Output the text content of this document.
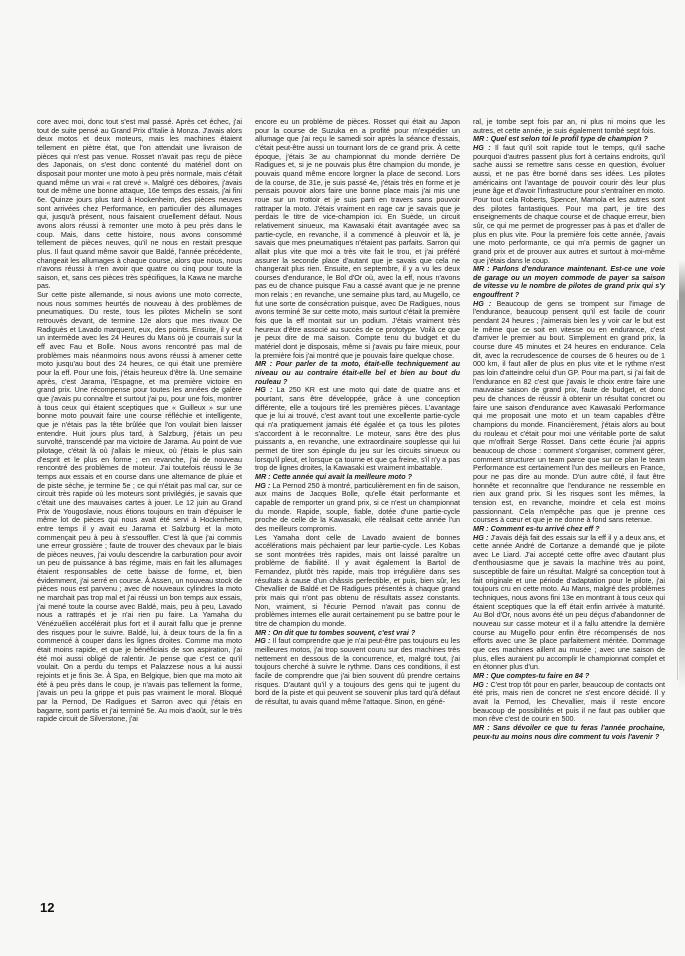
core avec moi, donc tout s'est mal passé. Après cet échec, j'ai tout de suite pensé au Grand Prix d'Italie à Monza. J'avais alors deux motos et deux moteurs, mais les machines étaient tellement en piètre état, que l'on attendait une livraison de pièces qui n'est pas venue. Rosset n'avait pas reçu de pièce des Japonais, on s'est donc contenté du matériel dont on disposait pour monter une moto à peu près normale, mais c'était quand même un vrai « rat crevé ». Malgré ces déboires, j'avais tout de même une bonne attaque, 16e temps des essais, j'ai fini 6e. Quinze jours plus tard à Hockenheim, des pièces neuves sont arrivées chez Performance, en particulier des allumages qui, jusqu'à présent, nous faisaient cruellement défaut. Nous avons alors réussi à remonter une moto à peu près dans le coup. Mais, dans cette histoire, nous avons consommé tellement de pièces neuves, qu'il ne nous en restait presque plus. Il faut quand même savoir que Baldé, l'année précédente, changeait les allumages à chaque course, alors que nous, nous n'avons réussi à n'en avoir que quatre ou cinq pour toute la saison, et, sans ces pièces très spécifiques, la Kawa ne marche pas.

Sur cette piste allemande, si nous avions une moto correcte, nous nous sommes heurtés de nouveau à des problèmes de pneumatiques. Du reste, tous les pilotes Michelin se sont retrouvés devant, de termine 12e alors que mes rivaux De Radiguès et Lavado marquent, eux, des points. Ensuite, il y eut un intermède avec les 24 Heures du Mans où je courrais sur la eff avec Fau et Bolle. Nous avons rencontré pas mal de problèmes mais néanmoins nous avons réussi à amener cette moto jusqu'au bout des 24 heures, ce qui était une première pour la eff. Pour une fois, j'étais heureux d'être là. Une semaine après, c'est Jarama, l'Espagne, et ma première victoire en grand prix. Une récompense pour toutes les années de galère que j'avais pu connaître et surtout j'ai pu, pour une fois, montrer à tous ceux qui étaient sceptiques que « Guilleux » sur une bonne moto pouvait faire une course réfléchie et intelligente, que je n'étais pas la tête brûlée que l'on voulait bien laisser entendre. Huit jours plus tard, à Salzburg, j'étais un peu survolté, transcendé par ma victoire de Jarama. Au point de vue pilotage, c'était là où j'allais le mieux, où j'étais le plus sain d'esprit et le plus en forme ; en revanche, j'ai de nouveau rencontré des problèmes de moteur. J'ai toutefois réussi le 3e temps aux essais et en course dans une alternance de pluie et de piste sèche, je termine 5e ; ce qui n'était pas mal car, sur ce circuit très rapide où les moteurs sont privilégiés, je savais que c'était une des mauvaises cartes à jouer. Le 12 juin au Grand Prix de Yougoslavie, nous étions toujours en train d'épuiser le même lot de pièces qui nous avait été servi à Hockenheim, entre temps il y avait eu Jarama et Salzburg et la moto commençait peu à peu à s'essouffler. C'est là que j'ai commis une erreur grossière ; faute de trouver des chevaux par le biais de pièces neuves, j'ai voulu descendre la carburation pour avoir un peu de puissance à bas régime, mais en fait les allumages étaient responsables de cette baisse de forme, et, bien évidemment, j'ai serré en course. À Assen, un nouveau stock de pièces nous est parvenu ; avec de nouveaux cylindres la moto ne marchait pas trop mal et j'ai réussi un bon temps aux essais, j'ai mené toute la course avec Baldé, mais, peu à peu, Lavado nous a rattrapés et je n'ai rien pu faire. La Yamaha du Vénézuélien accélérait plus fort et il aurait fallu que je prenne des risques pour le suivre. Baldé, lui, à deux tours de la fin a commencé à couper dans les lignes droites. Comme ma moto était moins rapide, et que je bénéficiais de son aspiration, j'ai été moi aussi obligé de ralentir. Je pense que c'est ce qu'il voulait. On a perdu du temps et Palazzese nous a lui aussi rejoints et je finis 3e. À Spa, en Belgique, bien que ma moto ait été à peu près dans le coup, je n'avais pas tellement la forme, j'avais un peu la grippe et puis pas vraiment le moral. Bloqué par la Pernod, De Radigues et Sarron avec qui j'étais en bagarre, sont partis et j'ai terminé 5e. Au mois d'août, sur le très rapide circuit de Silverstone, j'ai

encore eu un problème de pièces. Rosset qui était au Japon pour la course de Suzuka en a profité pour m'expédier un allumage que j'ai reçu le samedi soir après la séance d'essais, c'était peut-être aussi un tournant lors de ce grand prix. À cette époque, j'étais 3e au championnat du monde derrière De Radigues et, si je ne pouvais plus être champion du monde, je pouvais quand même encore lorgner la place de second. Lors de la course, de 31e, je suis passé 4e, j'étais très en forme et je pensais pouvoir alors faire une bonne place mais j'ai mis une roue sur un trottoir et je suis parti en travers sans pouvoir rattraper la moto. J'étais vraiment en rage car je savais que je perdais le titre de vice-champion ici. En Suède, un circuit relativement sinueux, ma Kawasaki était avantagée avec sa partie-cycle, en revanche, il a commencé à pleuvoir et là, je savais que mes pneumatiques n'étaient pas parfaits. Sarron qui allait plus vite que moi a très vite fait le trou, et j'ai préféré assurer la seconde place d'autant que je savais que cela ne changerait plus rien. Ensuite, en septembre, il y a vu les deux courses d'endurance, le Bol d'Or où, avec la eff, nous n'avons pas eu de chance puisque Fau a cassé avant que je ne prenne mon relais ; en revanche, une semaine plus tard, au Mugello, ce fut une sorte de consécration puisque, avec De Radigues, nous avons terminé 3e sur cette moto, mais surtout c'était la première fois que la eff montait sur un podium. J'étais vraiment très heureux d'être associé au succès de ce prototype. Voilà ce que je peux dire de ma saison. Compte tenu du budget et du matériel dont je disposais, même si j'avais pu faire mieux, pour la première fois j'ai montré que je pouvais faire quelque chose.

MR : Pour parler de ta moto, était-elle techniquement au niveau ou au contraire était-elle bel et bien au bout du rouleau ?

HG : La 250 KR est une moto qui date de quatre ans et pourtant, sans être développée, grâce à une conception différente, elle a toujours tiré les premières pièces. L'avantage que je lui ai trouvé, c'est avant tout une excellente partie-cycle qui n'a pratiquement jamais été égalée et ça tous les pilotes s'accordent à le reconnaître. Le moteur, sans être des plus puissants a, en revanche, une extraordinaire souplesse qui lui permet de tirer son épingle du jeu sur les circuits sinueux ou lorsqu'il pleut, et lorsque ça tourne et que ça freine, s'il n'y a pas trop de lignes droites, la Kawasaki est vraiment imbattable.

MR : Cette année qui avait la meilleure moto ?

HG : La Pernod 250 à montré, particulièrement en fin de saison, aux mains de Jacques Bolle, qu'elle était performante et capable de remporter un grand prix, si ce n'est un championnat du monde. Rapide, souple, fiable, dotée d'une partie-cycle proche de celle de la Kawasaki, elle réalisait cette année l'un des meilleurs compromis.

Les Yamaha dont celle de Lavado avaient de bonnes accélérations mais péchaient par leur partie-cycle. Les Kobas se sont montrées très rapides, mais ont laissé paraître un problème de fiabilité. Il y avait également la Bartol de Fernandez, plutôt très rapide, mais trop irrégulière dans ses résultats à cause d'un châssis perfectible, et puis, bien sûr, les Chevallier de Baldé et De Radigues présentés à chaque grand prix mais qui n'ont pas obtenu de résultats assez constants. Non, vraiment, si l'écurie Pernod n'avait pas connu de problèmes internes elle aurait certainement pu se battre pour le titre de champion du monde.

MR : On dit que tu tombes souvent, c'est vrai ?

HG : Il faut comprendre que je n'ai peut-être pas toujours eu les meilleures motos, j'ai trop souvent couru sur des machines très nettement en dessous de la concurrence, et, malgré tout, j'ai toujours cherché à suivre le rythme. Dans ces conditions, il est facile de comprendre que j'ai bien souvent dû prendre certains risques. D'autant qu'il y a toujours des gens qui te jugent du bord de la piste et qui peuvent se souvenir plus tard qu'à défaut de résultat, tu avais quand même l'attaque. Sinon, en géné-

ral, je tombe sept fois par an, ni plus ni moins que les autres, et cette année, je suis également tombé sept fois.

MR : Quel est selon toi le profil type de champion ?

HG : Il faut qu'il soit rapide tout le temps, qu'il sache pourquoi d'autres passent plus fort à certains endroits, qu'il sache aussi se remettre sans cesse en question, évoluer aussi, et ne pas être borné dans ses idées. Les pilotes américains ont l'avantage de pouvoir courir dès leur plus jeune âge et d'avoir l'infrastructure pour s'entraîner en moto. Pour tout cela Roberts, Spencer, Mamola et les autres sont des pilotes fantastiques. Pour ma part, je tire des enseignements de chaque course et de chaque erreur, bien sûr, ce qui me permet de progresser pas à pas et d'aller de plus en plus vite. Pour la première fois cette année, j'avais une moto performante, ce qui m'a permis de gagner un grand prix et de prouver aux autres et surtout à moi-même que j'étais dans le coup.

MR : Parlons d'endurance maintenant. Est-ce une voie de garage ou un moyen commode de payer sa saison de vitesse vu le nombre de pilotes de grand prix qui s'y engouffrent ?

HG : Beaucoup de gens se trompent sur l'image de l'endurance, beaucoup pensent qu'il est facile de courir pendant 24 heures ; j'aimerais bien les y voir car le but est le même que ce soit en vitesse ou en endurance, c'est d'arriver le premier au bout. Simplement en grand prix, la course dure 45 minutes et 24 heures en endurance. Cela dit, avec la recrudescence de courses de 6 heures ou de 1 000 km, il faut aller de plus en plus vite et le rythme n'est pas loin d'atteindre celui d'un GP. Pour ma part, si j'ai fait de l'endurance en 82 c'est que j'avais le choix entre faire une mauvaise saison de grand prix, faute de budget, et donc peu de chances de réussir à obtenir un résultat concret ou faire une saison d'endurance avec Kawasaki Performance qui me proposait une moto et un team capables d'être champions du monde. Financièrement, j'étais alors au bout du rouleau et c'était pour moi une véritable porte de salut que m'offrait Serge Rosset. Dans cette écurie j'ai appris beaucoup de chose : comment s'organiser, comment gérer, comment structurer un team parce que sur ce plan le team Performance est certainement l'un des meilleurs en France, pour ne pas dire au monde. D'un autre côté, il faut être honnête et reconnaître que l'endurance ne ressemble en rien aux grand prix. Si les risques sont les mêmes, la tension est, en revanche, moindre et cela est moins passionnant. Cela n'empêche pas que je prenne ces courses à cœur et que je ne donne à fond sans retenue.

MR : Comment es-tu arrivé chez eff ?

HG : J'avais déjà fait des essais sur la eff il y a deux ans, et cette année André de Cortanze a demandé que je pilote avec Le Liard. J'ai accepté cette offre avec d'autant plus d'enthousiasme que je savais la machine très au point, susceptible de faire un résultat. Malgré sa conception tout à fait originale et une période d'adaptation pour le pilote, j'ai toujours cru en cette moto. Au Mans, malgré des problèmes techniques, nous avons fini 13e en montrant à tous ceux qui étaient sceptiques que la eff était enfin arrivée à maturité. Au Bol d'Or, nous avons été un peu déçus d'abandonner de nouveau sur casse moteur et il a fallu attendre la dernière course au Mugello pour enfin être récompensés de nos efforts avec une 3e place parfaitement méritée. Dommage que ces machines aillent au musée ; avec une saison de plus, elles auraient pu accomplir le championnat complet et en étonner plus d'un.

MR : Que comptes-tu faire en 84 ?

HG : C'est trop tôt pour en parler, beaucoup de contacts ont été pris, mais rien de concret ne s'est encore décidé. Il y avait la Pernod, les Chevallier, mais il reste encore beaucoup de possibilités et puis il ne faut pas oublier que mon rêve c'est de courir en 500.

MR : Sans dévoiler ce que tu feras l'année prochaine, peux-tu au moins nous dire comment tu vois l'avenir ?

12
